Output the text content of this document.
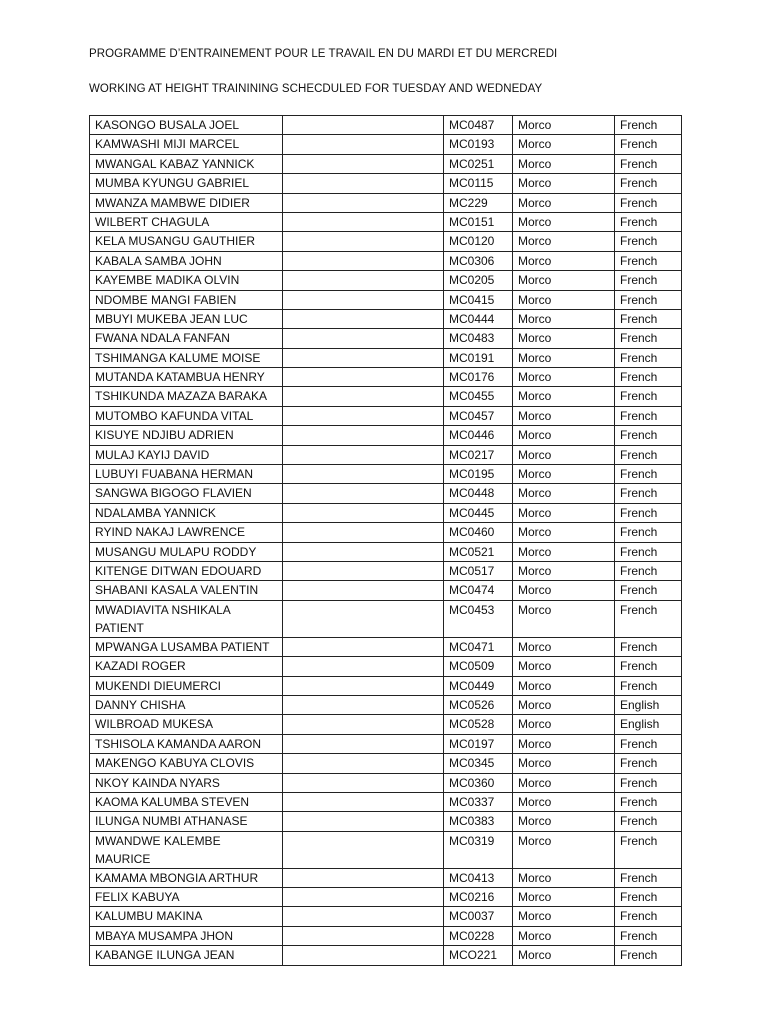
PROGRAMME D’ENTRAINEMENT POUR LE TRAVAIL EN DU MARDI ET DU MERCREDI
WORKING AT HEIGHT TRAININING SCHECDULED FOR TUESDAY AND WEDNEDAY
KASONGO BUSALA JOEL		MC0487	Morco	French
KAMWASHI MIJI MARCEL		MC0193	Morco	French
MWANGAL KABAZ YANNICK		MC0251	Morco	French
MUMBA KYUNGU GABRIEL		MC0115	Morco	French
MWANZA MAMBWE DIDIER		MC229	Morco	French
WILBERT CHAGULA		MC0151	Morco	French
KELA MUSANGU GAUTHIER		MC0120	Morco	French
KABALA SAMBA JOHN		MC0306	Morco	French
KAYEMBE MADIKA OLVIN		MC0205	Morco	French
NDOMBE MANGI FABIEN		MC0415	Morco	French
MBUYI MUKEBA JEAN LUC		MC0444	Morco	French
FWANA NDALA FANFAN		MC0483	Morco	French
TSHIMANGA KALUME MOISE		MC0191	Morco	French
MUTANDA KATAMBUA HENRY		MC0176	Morco	French
TSHIKUNDA MAZAZA BARAKA		MC0455	Morco	French
MUTOMBO KAFUNDA VITAL		MC0457	Morco	French
KISUYE NDJIBU ADRIEN		MC0446	Morco	French
MULAJ KAYIJ DAVID		MC0217	Morco	French
LUBUYI FUABANA HERMAN		MC0195	Morco	French
SANGWA BIGOGO FLAVIEN		MC0448	Morco	French
NDALAMBA YANNICK		MC0445	Morco	French
RYIND NAKAJ LAWRENCE		MC0460	Morco	French
MUSANGU MULAPU RODDY		MC0521	Morco	French
KITENGE DITWAN EDOUARD		MC0517	Morco	French
SHABANI KASALA VALENTIN		MC0474	Morco	French
MWADIAVITA NSHIKALA PATIENT		MC0453	Morco	French
MPWANGA LUSAMBA PATIENT		MC0471	Morco	French
KAZADI ROGER		MC0509	Morco	French
MUKENDI DIEUMERCI		MC0449	Morco	French
DANNY CHISHA		MC0526	Morco	English
WILBROAD MUKESA		MC0528	Morco	English
TSHISOLA KAMANDA AARON		MC0197	Morco	French
MAKENGO KABUYA CLOVIS		MC0345	Morco	French
NKOY KAINDA NYARS		MC0360	Morco	French
KAOMA KALUMBA STEVEN		MC0337	Morco	French
ILUNGA NUMBI ATHANASE		MC0383	Morco	French
MWANDWE KALEMBE MAURICE		MC0319	Morco	French
KAMAMA MBONGIA ARTHUR		MC0413	Morco	French
FELIX KABUYA		MC0216	Morco	French
KALUMBU MAKINA		MC0037	Morco	French
MBAYA MUSAMPA JHON		MC0228	Morco	French
KABANGE ILUNGA JEAN		MCO221	Morco	French
